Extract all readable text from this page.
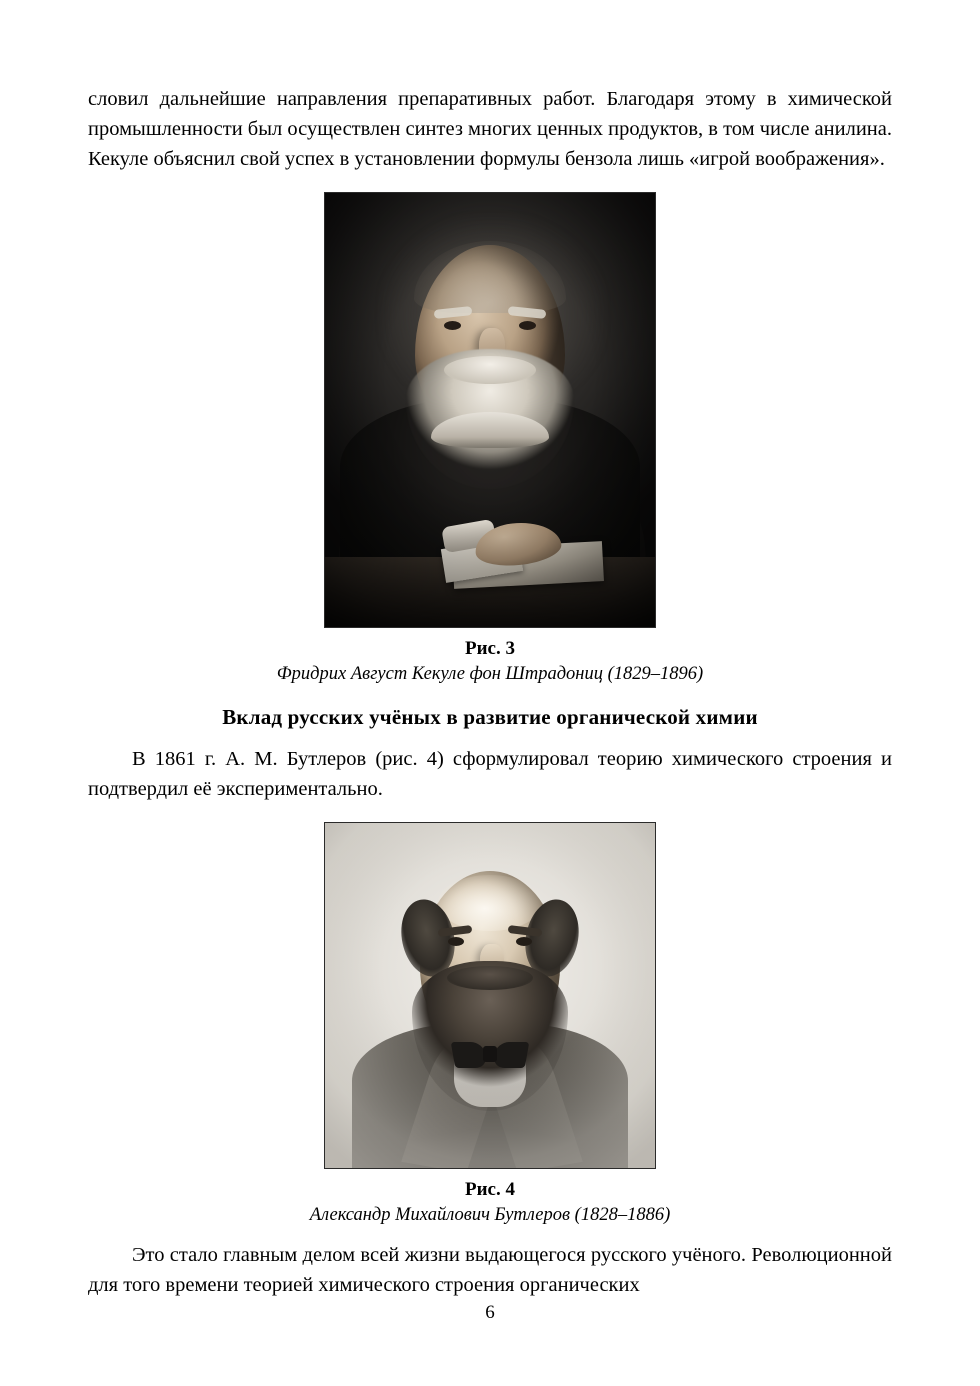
словил дальнейшие направления препаративных работ. Благодаря этому в химической промышленности был осуществлен синтез многих ценных продуктов, в том числе анилина. Кекуле объяснил свой успех в установлении формулы бензола лишь «игрой воображения».

Рис. 3
Фридрих Август Кекуле фон Штрадониц (1829–1896)
Вклад русских учёных в развитие органической химии

В 1861 г. А. М. Бутлеров (рис. 4) сформулировал теорию химического строения и подтвердил её экспериментально.

Рис. 4
Александр Михайлович Бутлеров (1828–1886)

Это стало главным делом всей жизни выдающегося русского учёного. Революционной для того времени теорией химического строения органических

6
